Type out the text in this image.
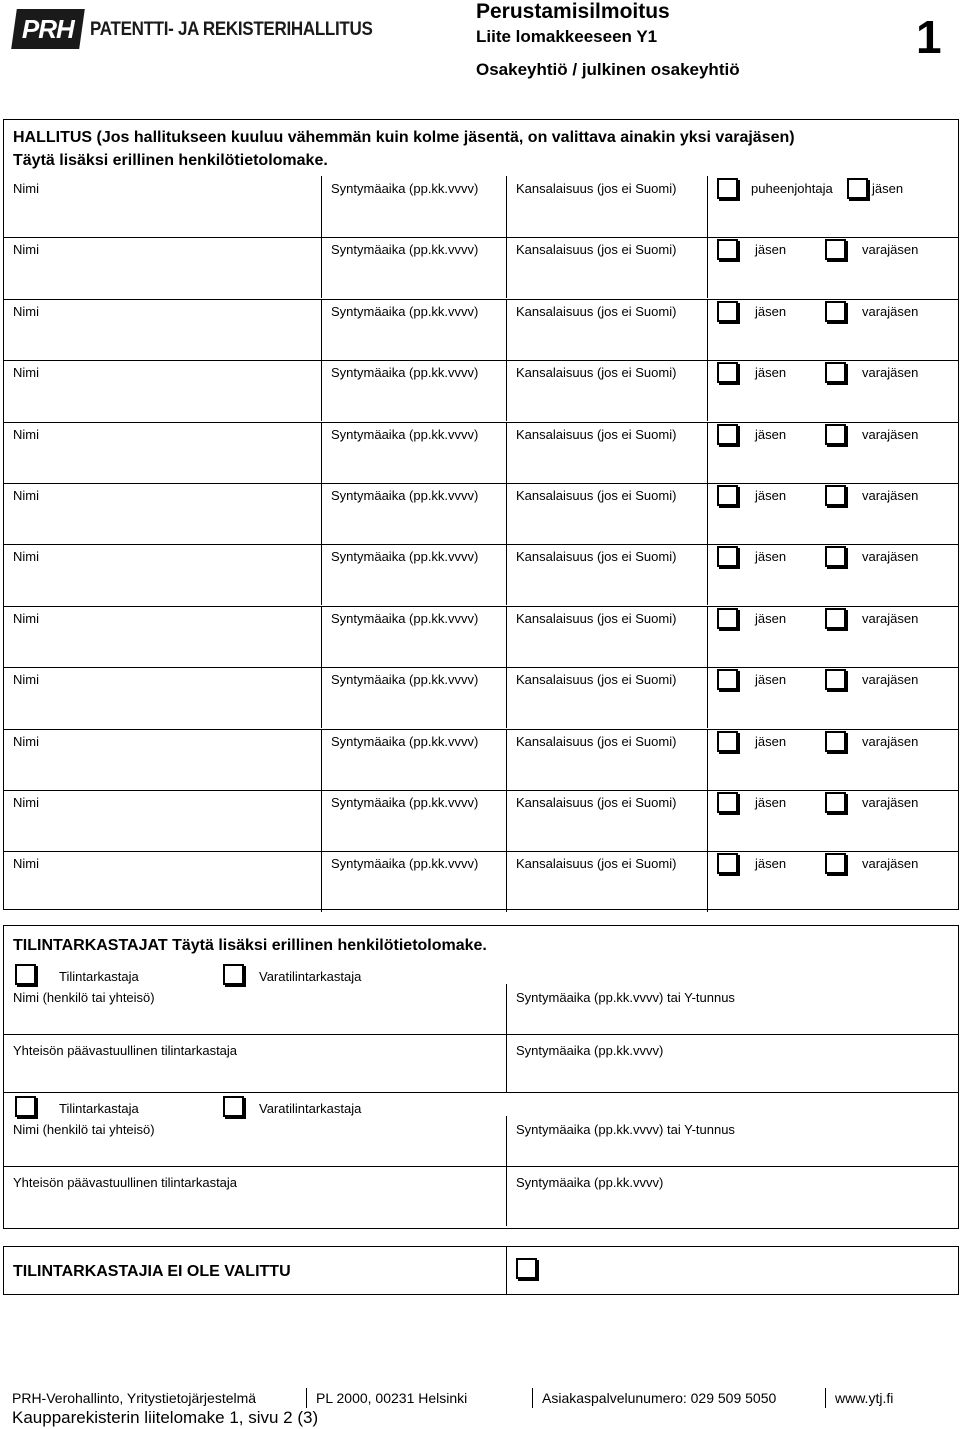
PRH PATENTTI- JA REKISTERIHALLITUS
Perustamisilmoitus
Liite lomakkeeseen Y1
Osakeyhtiö / julkinen osakeyhtiö
1
HALLITUS (Jos hallitukseen kuuluu vähemmän kuin kolme jäsentä, on valittava ainakin yksi varajäsen)
Täytä lisäksi erillinen henkilötietolomake.
Nimi	Syntymäaika (pp.kk.vvvv)	Kansalaisuus (jos ei Suomi)	puheenjohtaja	jäsen
Nimi	Syntymäaika (pp.kk.vvvv)	Kansalaisuus (jos ei Suomi)	jäsen	varajäsen
Nimi	Syntymäaika (pp.kk.vvvv)	Kansalaisuus (jos ei Suomi)	jäsen	varajäsen
Nimi	Syntymäaika (pp.kk.vvvv)	Kansalaisuus (jos ei Suomi)	jäsen	varajäsen
Nimi	Syntymäaika (pp.kk.vvvv)	Kansalaisuus (jos ei Suomi)	jäsen	varajäsen
Nimi	Syntymäaika (pp.kk.vvvv)	Kansalaisuus (jos ei Suomi)	jäsen	varajäsen
Nimi	Syntymäaika (pp.kk.vvvv)	Kansalaisuus (jos ei Suomi)	jäsen	varajäsen
Nimi	Syntymäaika (pp.kk.vvvv)	Kansalaisuus (jos ei Suomi)	jäsen	varajäsen
Nimi	Syntymäaika (pp.kk.vvvv)	Kansalaisuus (jos ei Suomi)	jäsen	varajäsen
Nimi	Syntymäaika (pp.kk.vvvv)	Kansalaisuus (jos ei Suomi)	jäsen	varajäsen
Nimi	Syntymäaika (pp.kk.vvvv)	Kansalaisuus (jos ei Suomi)	jäsen	varajäsen
Nimi	Syntymäaika (pp.kk.vvvv)	Kansalaisuus (jos ei Suomi)	jäsen	varajäsen
TILINTARKASTAJAT Täytä lisäksi erillinen henkilötietolomake.
Tilintarkastaja	Varatilintarkastaja
Nimi (henkilö tai yhteisö)	Syntymäaika (pp.kk.vvvv) tai Y-tunnus
Yhteisön päävastuullinen tilintarkastaja	Syntymäaika (pp.kk.vvvv)
Tilintarkastaja	Varatilintarkastaja
Nimi (henkilö tai yhteisö)	Syntymäaika (pp.kk.vvvv) tai Y-tunnus
Yhteisön päävastuullinen tilintarkastaja	Syntymäaika (pp.kk.vvvv)
TILINTARKASTAJIA EI OLE VALITTU
PRH-Verohallinto, Yritystietojärjestelmä	PL 2000, 00231 Helsinki	Asiakaspalvelunumero: 029 509 5050	www.ytj.fi
Kaupparekisterin liitelomake 1, sivu 2 (3)
